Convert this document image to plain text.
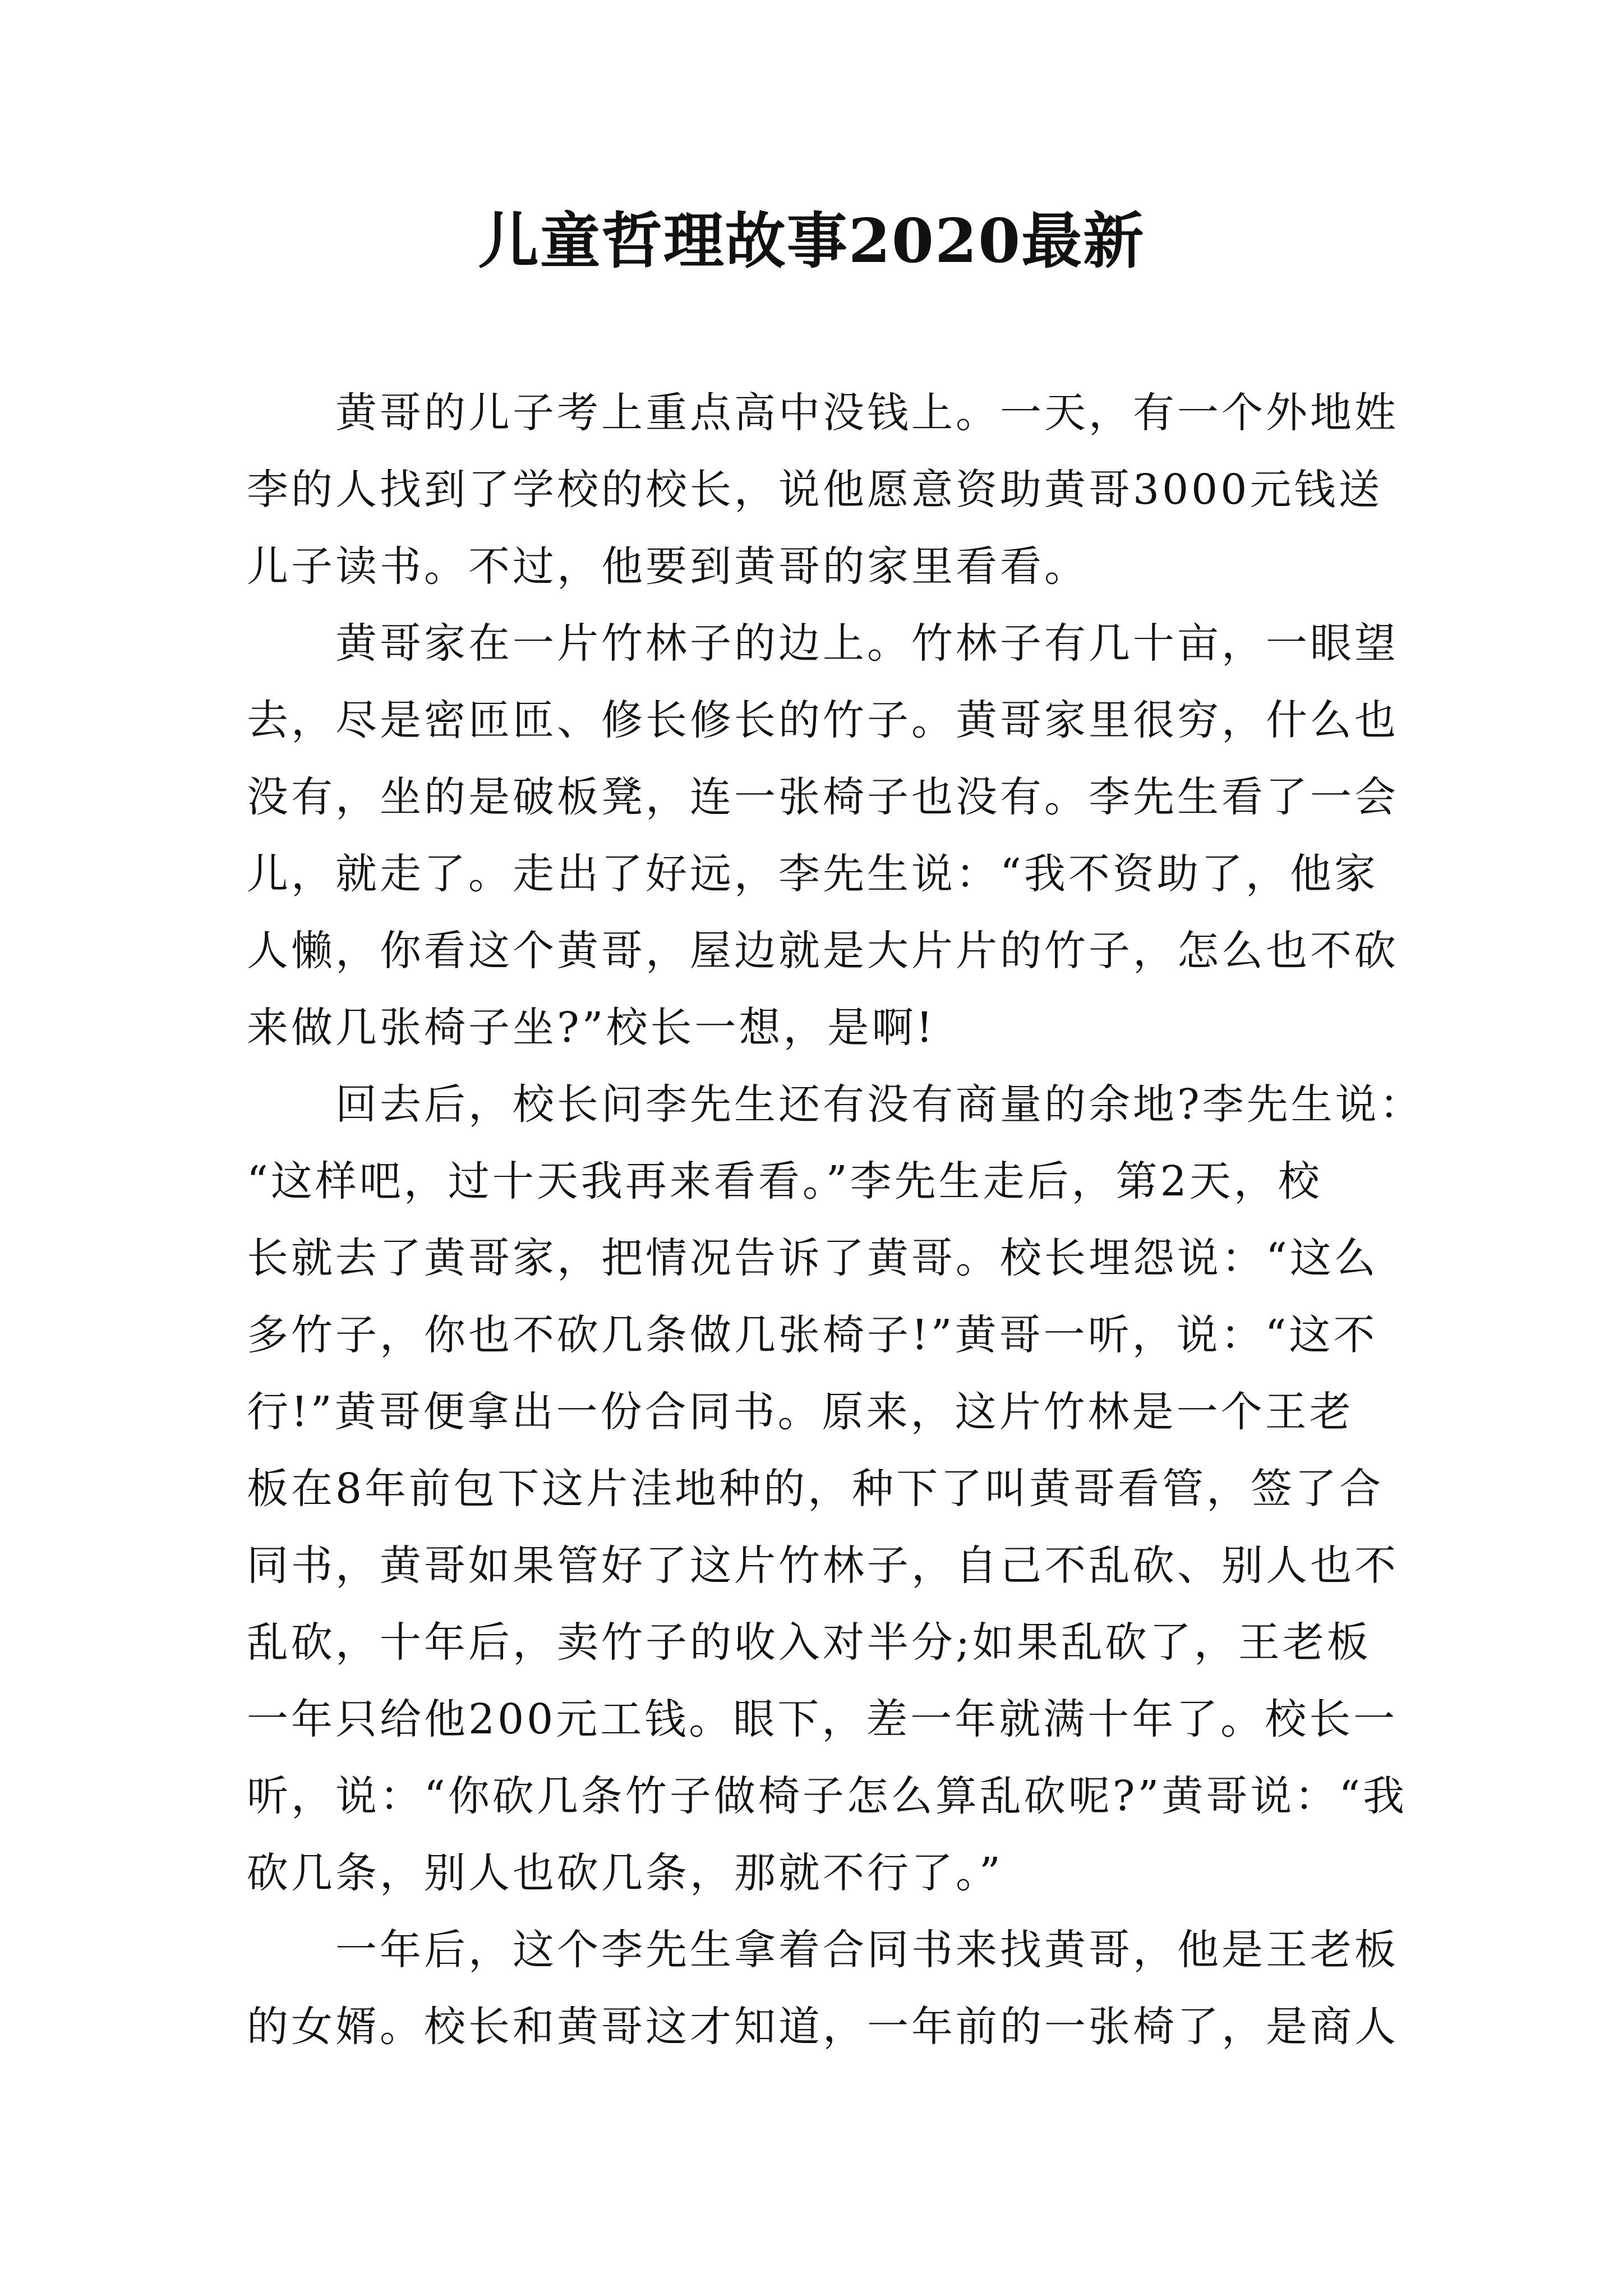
儿童哲理故事2020最新
　　黄哥的儿子考上重点高中没钱上。一天，有一个外地姓
李的人找到了学校的校长，说他愿意资助黄哥3000元钱送
儿子读书。不过，他要到黄哥的家里看看。
　　黄哥家在一片竹林子的边上。竹林子有几十亩，一眼望
去，尽是密匝匝、修长修长的竹子。黄哥家里很穷，什么也
没有，坐的是破板凳，连一张椅子也没有。李先生看了一会
儿，就走了。走出了好远，李先生说：“我不资助了，他家
人懒，你看这个黄哥，屋边就是大片片的竹子，怎么也不砍
来做几张椅子坐?”校长一想，是啊!
　　回去后，校长问李先生还有没有商量的余地?李先生说：
“这样吧，过十天我再来看看。”李先生走后，第2天，校
长就去了黄哥家，把情况告诉了黄哥。校长埋怨说：“这么
多竹子，你也不砍几条做几张椅子!”黄哥一听，说：“这不
行!”黄哥便拿出一份合同书。原来，这片竹林是一个王老
板在8年前包下这片洼地种的，种下了叫黄哥看管，签了合
同书，黄哥如果管好了这片竹林子，自己不乱砍、别人也不
乱砍，十年后，卖竹子的收入对半分;如果乱砍了，王老板
一年只给他200元工钱。眼下，差一年就满十年了。校长一
听，说：“你砍几条竹子做椅子怎么算乱砍呢?”黄哥说：“我
砍几条，别人也砍几条，那就不行了。”
　　一年后，这个李先生拿着合同书来找黄哥，他是王老板
的女婿。校长和黄哥这才知道，一年前的一张椅了，是商人
